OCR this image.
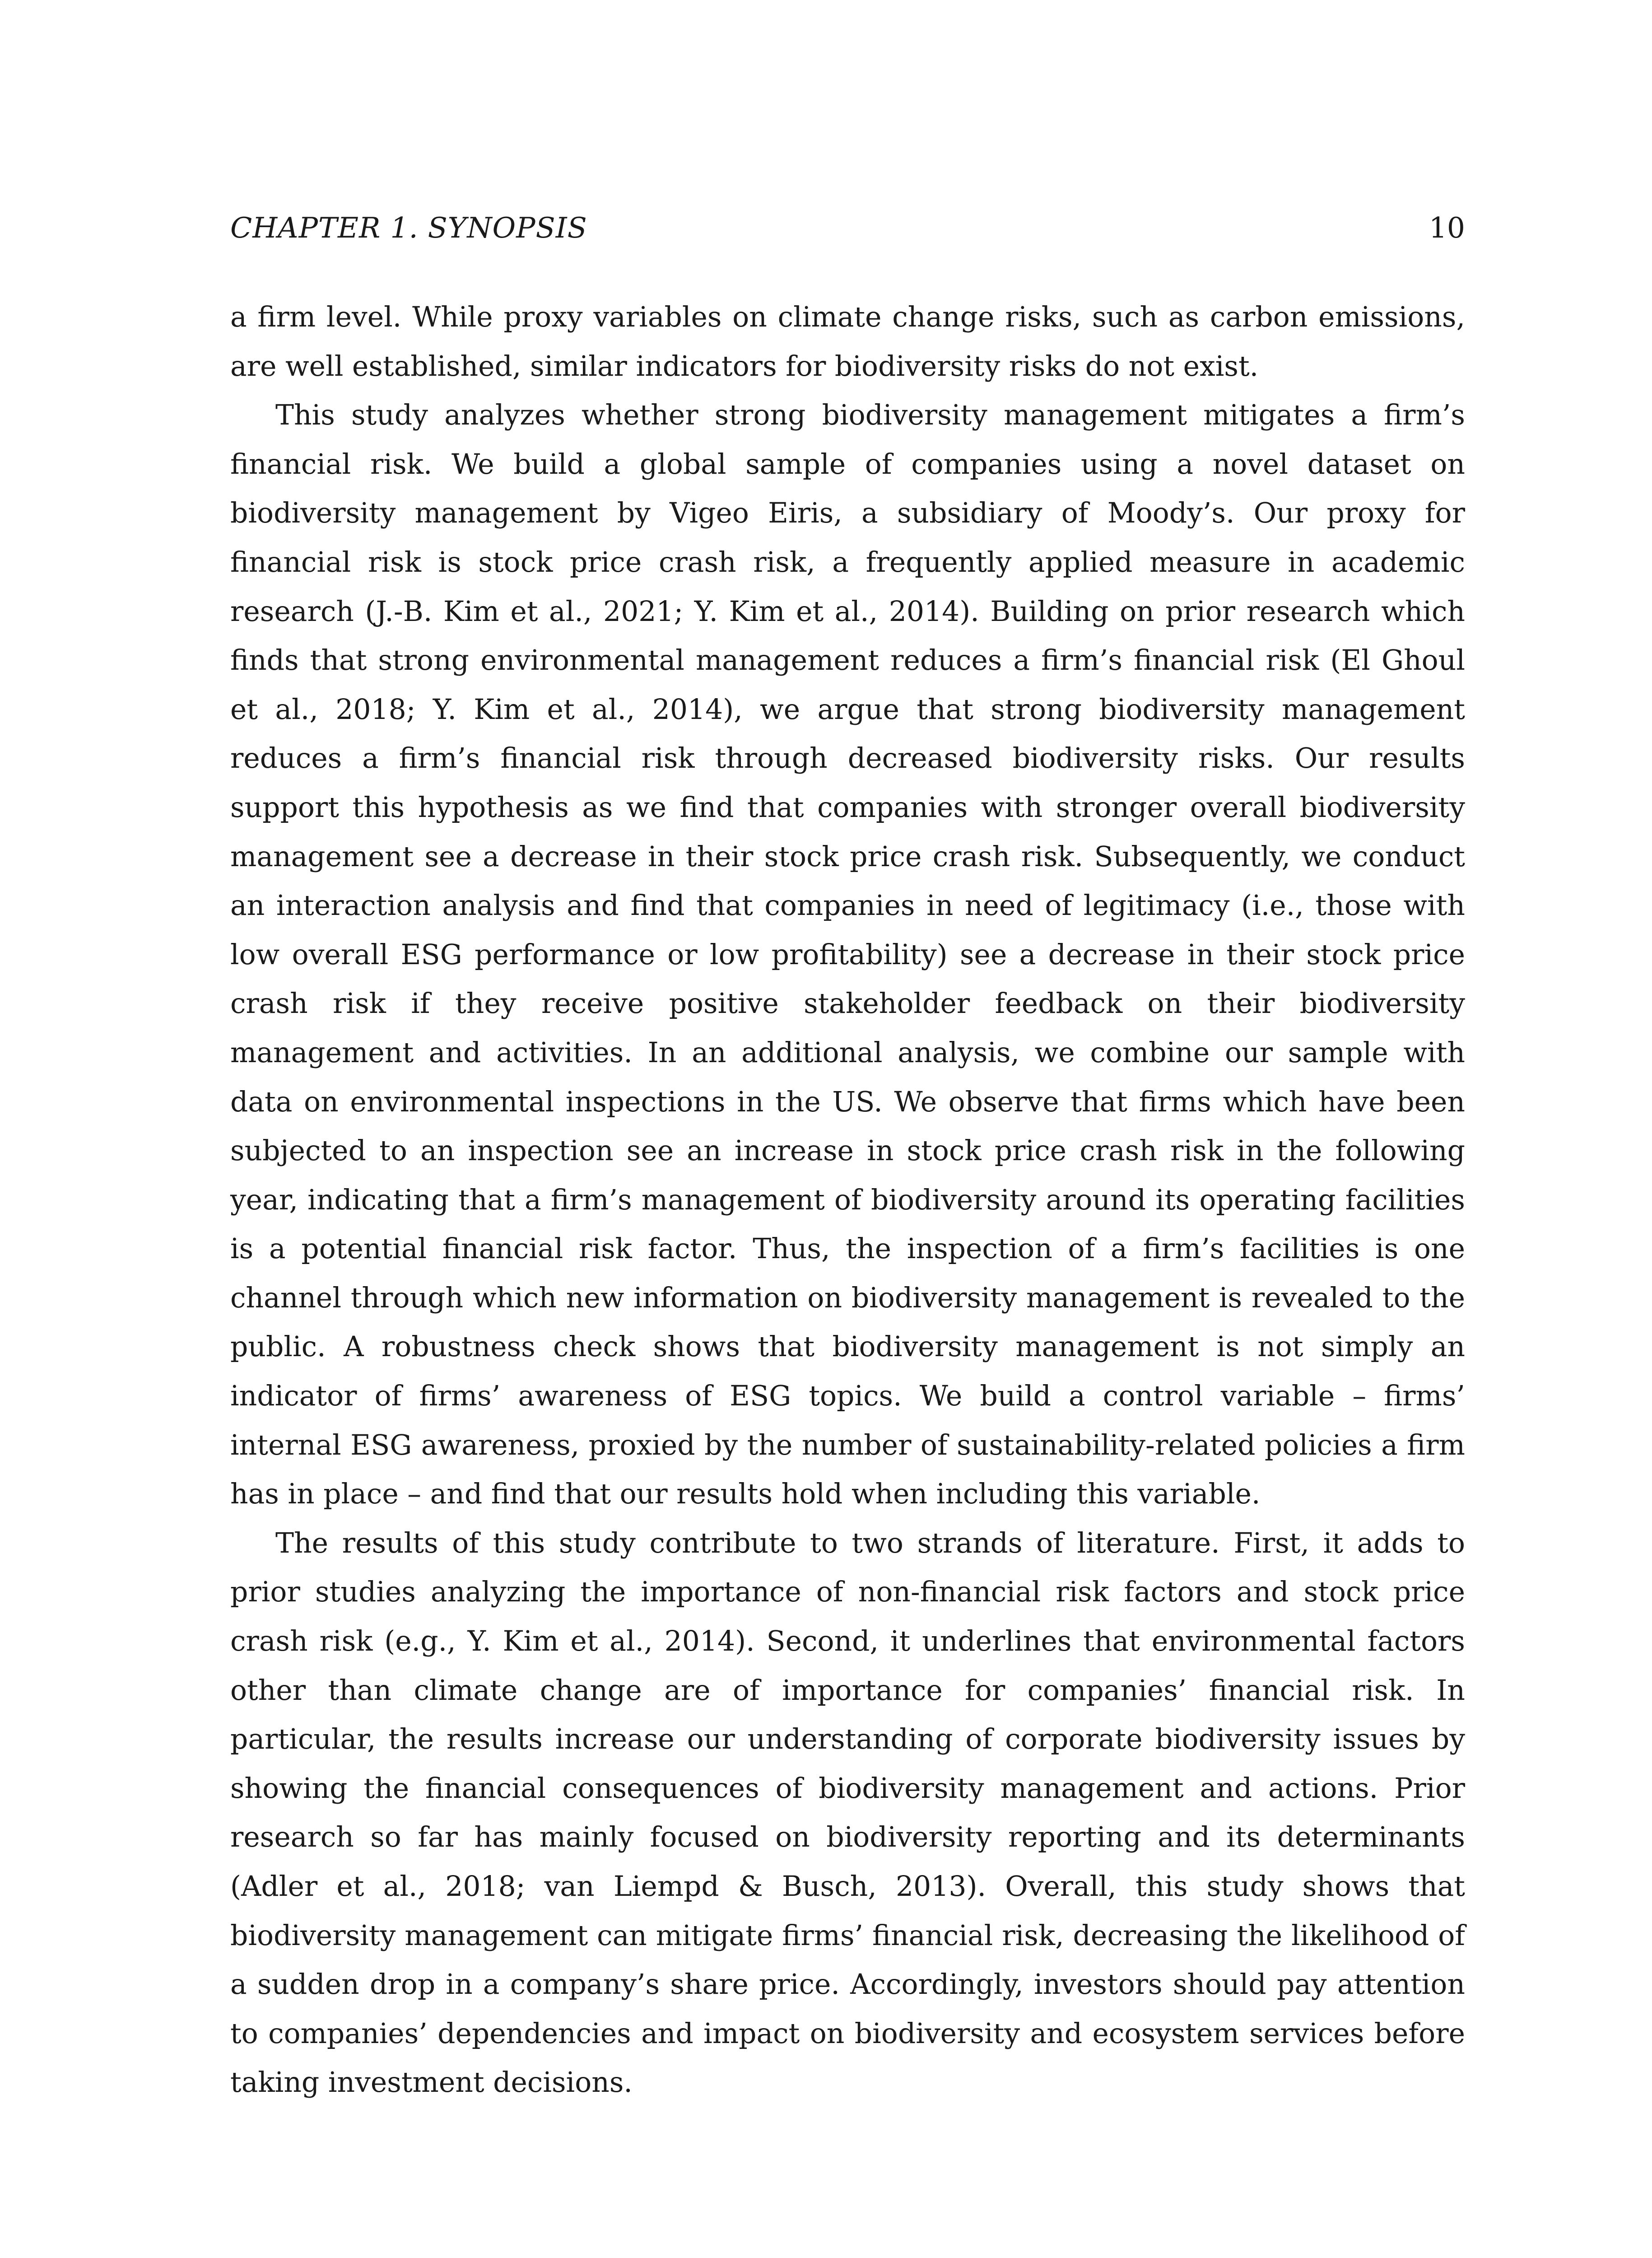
CHAPTER 1. SYNOPSIS	10

a firm level. While proxy variables on climate change risks, such as carbon emissions, are well established, similar indicators for biodiversity risks do not exist.

This study analyzes whether strong biodiversity management mitigates a firm’s financial risk. We build a global sample of companies using a novel dataset on biodiversity management by Vigeo Eiris, a subsidiary of Moody’s. Our proxy for financial risk is stock price crash risk, a frequently applied measure in academic research (J.-B. Kim et al., 2021; Y. Kim et al., 2014). Building on prior research which finds that strong environmental management reduces a firm’s financial risk (El Ghoul et al., 2018; Y. Kim et al., 2014), we argue that strong biodiversity management reduces a firm’s financial risk through decreased biodiversity risks. Our results support this hypothesis as we find that companies with stronger overall biodiversity management see a decrease in their stock price crash risk. Subsequently, we conduct an interaction analysis and find that companies in need of legitimacy (i.e., those with low overall ESG performance or low profitability) see a decrease in their stock price crash risk if they receive positive stakeholder feedback on their biodiversity management and activities. In an additional analysis, we combine our sample with data on environmental inspections in the US. We observe that firms which have been subjected to an inspection see an increase in stock price crash risk in the following year, indicating that a firm’s management of biodiversity around its operating facilities is a potential financial risk factor. Thus, the inspection of a firm’s facilities is one channel through which new information on biodiversity management is revealed to the public. A robustness check shows that biodiversity management is not simply an indicator of firms’ awareness of ESG topics. We build a control variable – firms’ internal ESG awareness, proxied by the number of sustainability-related policies a firm has in place – and find that our results hold when including this variable.

The results of this study contribute to two strands of literature. First, it adds to prior studies analyzing the importance of non-financial risk factors and stock price crash risk (e.g., Y. Kim et al., 2014). Second, it underlines that environmental factors other than climate change are of importance for companies’ financial risk. In particular, the results increase our understanding of corporate biodiversity issues by showing the financial consequences of biodiversity management and actions. Prior research so far has mainly focused on biodiversity reporting and its determinants (Adler et al., 2018; van Liempd & Busch, 2013). Overall, this study shows that biodiversity management can mitigate firms’ financial risk, decreasing the likelihood of a sudden drop in a company’s share price. Accordingly, investors should pay attention to companies’ dependencies and impact on biodiversity and ecosystem services before taking investment decisions.
